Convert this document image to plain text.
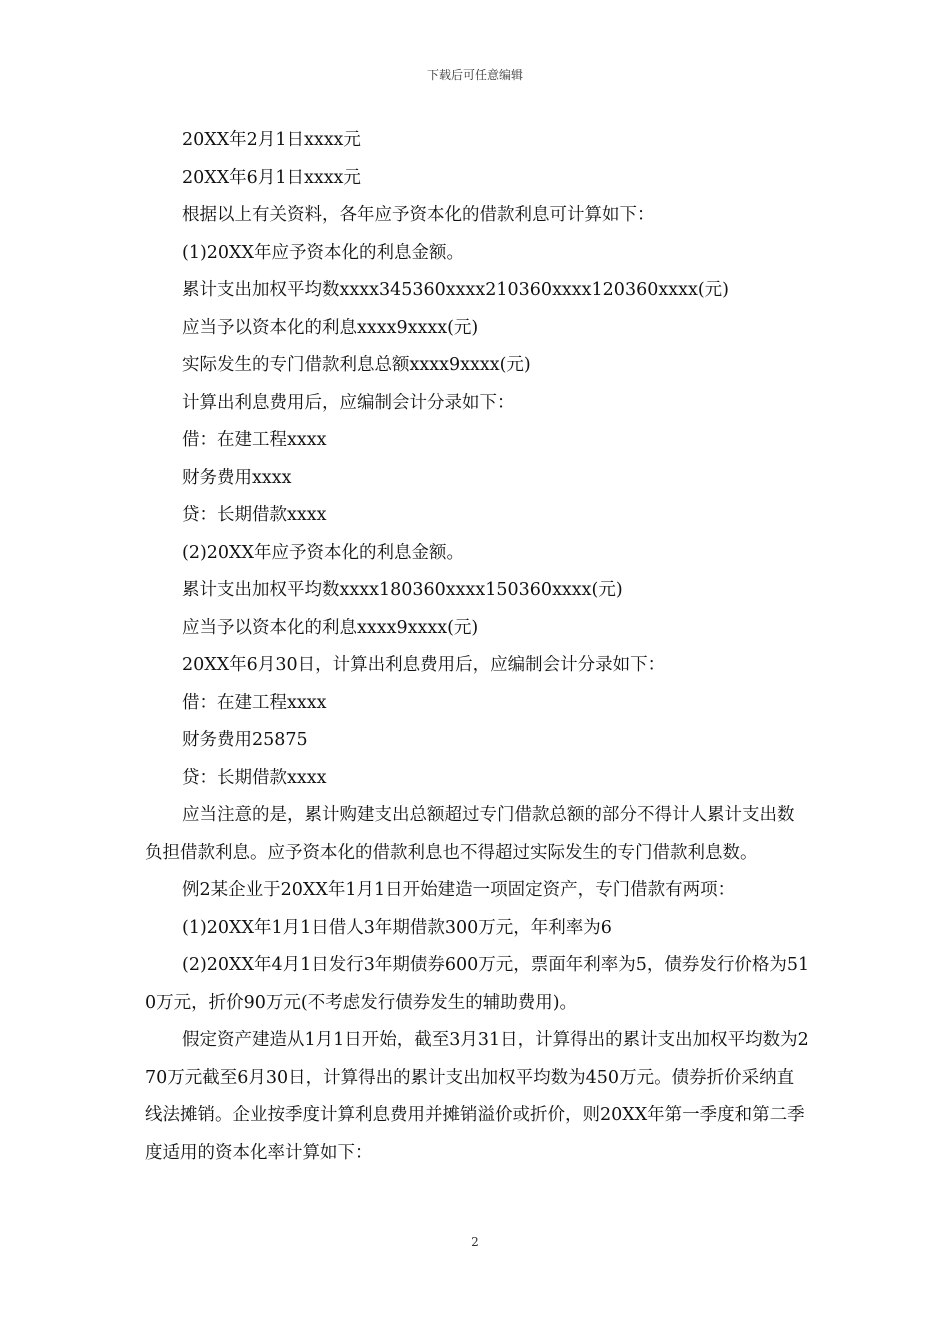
下载后可任意编辑

20XX年2月1日xxxx元

20XX年6月1日xxxx元

根据以上有关资料，各年应予资本化的借款利息可计算如下：

(1)20XX年应予资本化的利息金额。

累计支出加权平均数xxxx345360xxxx210360xxxx120360xxxx(元)

应当予以资本化的利息xxxx9xxxx(元)

实际发生的专门借款利息总额xxxx9xxxx(元)

计算出利息费用后，应编制会计分录如下：

借：在建工程xxxx

财务费用xxxx

贷：长期借款xxxx

(2)20XX年应予资本化的利息金额。

累计支出加权平均数xxxx180360xxxx150360xxxx(元)

应当予以资本化的利息xxxx9xxxx(元)

20XX年6月30日，计算出利息费用后，应编制会计分录如下：

借：在建工程xxxx

财务费用25875

贷：长期借款xxxx

应当注意的是，累计购建支出总额超过专门借款总额的部分不得计人累计支出数负担借款利息。应予资本化的借款利息也不得超过实际发生的专门借款利息数。

例2某企业于20XX年1月1日开始建造一项固定资产，专门借款有两项：

(1)20XX年1月1日借人3年期借款300万元，年利率为6

(2)20XX年4月1日发行3年期债券600万元，票面年利率为5，债券发行价格为510万元，折价90万元(不考虑发行债券发生的辅助费用)。

假定资产建造从1月1日开始，截至3月31日，计算得出的累计支出加权平均数为270万元截至6月30日，计算得出的累计支出加权平均数为450万元。债券折价采纳直线法摊销。企业按季度计算利息费用并摊销溢价或折价，则20XX年第一季度和第二季度适用的资本化率计算如下：

2
